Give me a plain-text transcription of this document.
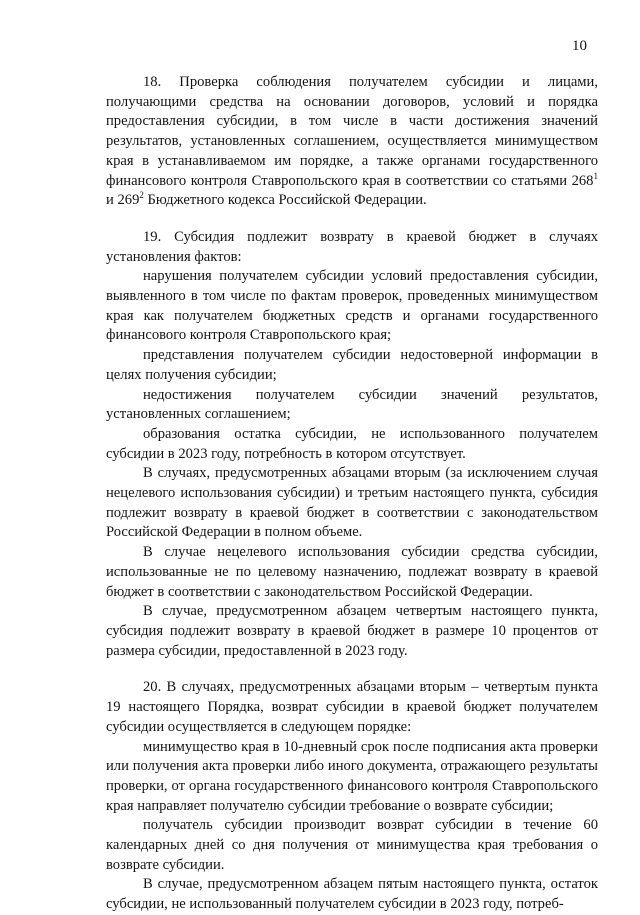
10

18. Проверка соблюдения получателем субсидии и лицами, получающими средства на основании договоров, условий и порядка предоставления субсидии, в том числе в части достижения значений результатов, установленных соглашением, осуществляется минимуществом края в устанавливаемом им порядке, а также органами государственного финансового контроля Ставропольского края в соответствии со статьями $268^1$ и $269^2$ Бюджетного кодекса Российской Федерации.

19. Субсидия подлежит возврату в краевой бюджет в случаях установления фактов:

нарушения получателем субсидии условий предоставления субсидии, выявленного в том числе по фактам проверок, проведенных минимуществом края как получателем бюджетных средств и органами государственного финансового контроля Ставропольского края;

представления получателем субсидии недостоверной информации в целях получения субсидии;

недостижения получателем субсидии значений результатов, установленных соглашением;

образования остатка субсидии, не использованного получателем субсидии в 2023 году, потребность в котором отсутствует.

В случаях, предусмотренных абзацами вторым (за исключением случая нецелевого использования субсидии) и третьим настоящего пункта, субсидия подлежит возврату в краевой бюджет в соответствии с законодательством Российской Федерации в полном объеме.

В случае нецелевого использования субсидии средства субсидии, использованные не по целевому назначению, подлежат возврату в краевой бюджет в соответствии с законодательством Российской Федерации.

В случае, предусмотренном абзацем четвертым настоящего пункта, субсидия подлежит возврату в краевой бюджет в размере 10 процентов от размера субсидии, предоставленной в 2023 году.

20. В случаях, предусмотренных абзацами вторым – четвертым пункта 19 настоящего Порядка, возврат субсидии в краевой бюджет получателем субсидии осуществляется в следующем порядке:

минимущество края в 10-дневный срок после подписания акта проверки или получения акта проверки либо иного документа, отражающего результаты проверки, от органа государственного финансового контроля Ставропольского края направляет получателю субсидии требование о возврате субсидии;

получатель субсидии производит возврат субсидии в течение 60 календарных дней со дня получения от минимущества края требования о возврате субсидии.

В случае, предусмотренном абзацем пятым настоящего пункта, остаток субсидии, не использованный получателем субсидии в 2023 году, потреб-
